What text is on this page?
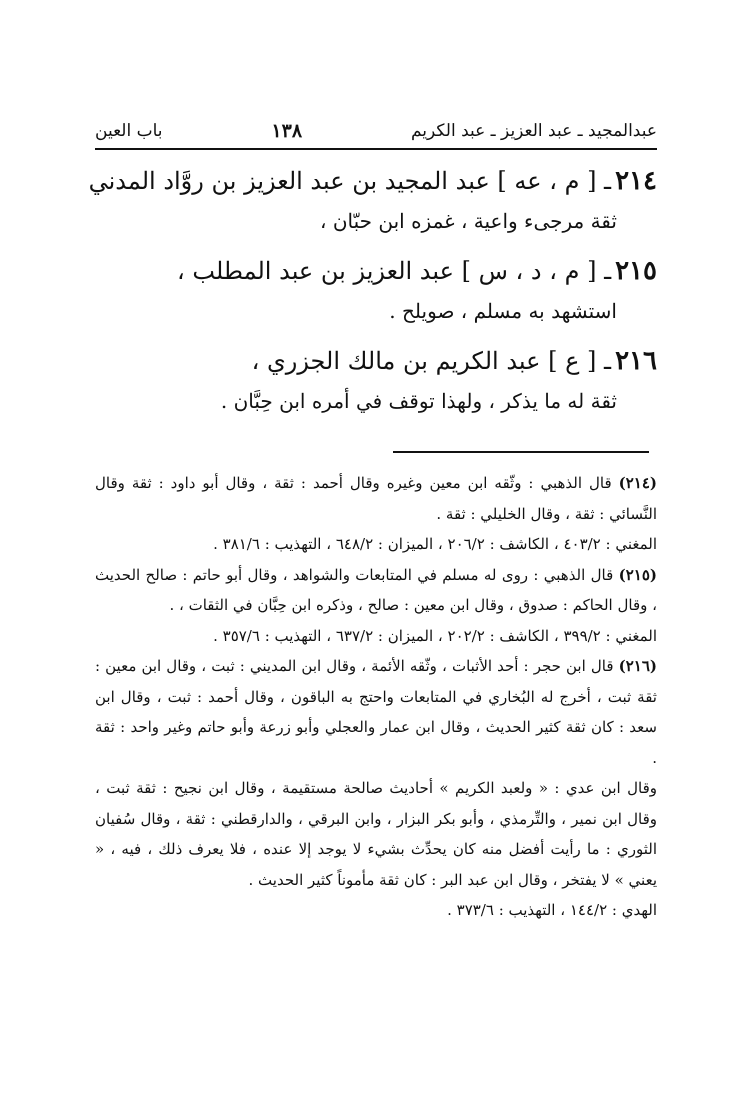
عبدالمجيد ـ عبد العزيز ـ عبد الكريم
١٣٨
باب العين
٢١٤ـ [ م ، عه ] عبد المجيد بن عبد العزيز بن روَّاد المدني
ثقة مرجىء واعية ، غمزه ابن حبّان ،
٢١٥ـ [ م ، د ، س ] عبد العزيز بن عبد المطلب ،
استشهد به مسلم ، صويلح .
٢١٦ـ [ ع ] عبد الكريم بن مالك الجزري ،
ثقة له ما يذكر ، ولهذا توقف في أمره ابن حِبَّان .

(٢١٤) قال الذهبي : وثّقه ابن معين وغيره وقال أحمد : ثقة ، وقال أبو داود : ثقة وقال النَّسائي : ثقة ، وقال الخليلي : ثقة .

المغني : ٤٠٣/٢ ، الكاشف : ٢٠٦/٢ ، الميزان : ٦٤٨/٢ ، التهذيب : ٣٨١/٦ .

(٢١٥) قال الذهبي : روى له مسلم في المتابعات والشواهد ، وقال أبو حاتم : صالح الحديث ، وقال الحاكم : صدوق ، وقال ابن معين : صالح ، وذكره ابن حِبَّان في الثقات ، .

المغني : ٣٩٩/٢ ، الكاشف : ٢٠٢/٢ ، الميزان : ٦٣٧/٢ ، التهذيب : ٣٥٧/٦ .

(٢١٦) قال ابن حجر : أحد الأثبات ، وثّقه الأئمة ، وقال ابن المديني : ثبت ، وقال ابن معين : ثقة ثبت ، أخرج له البُخاري في المتابعات واحتج به الباقون ، وقال أحمد : ثبت ، وقال ابن سعد : كان ثقة كثير الحديث ، وقال ابن عمار والعجلي وأبو زرعة وأبو حاتم وغير واحد : ثقة .

وقال ابن عدي : « ولعبد الكريم » أحاديث صالحة مستقيمة ، وقال ابن نجيح : ثقة ثبت ، وقال ابن نمير ، والتِّرمذي ، وأبو بكر البزار ، وابن البرقي ، والدارقطني : ثقة ، وقال سُفيان الثوري : ما رأيت أفضل منه كان يحدِّث بشيء لا يوجد إلا عنده ، فلا يعرف ذلك ، فيه ، « يعني » لا يفتخر ، وقال ابن عبد البر : كان ثقة مأموناً كثير الحديث .

الهدي : ١٤٤/٢ ، التهذيب : ٣٧٣/٦ .
